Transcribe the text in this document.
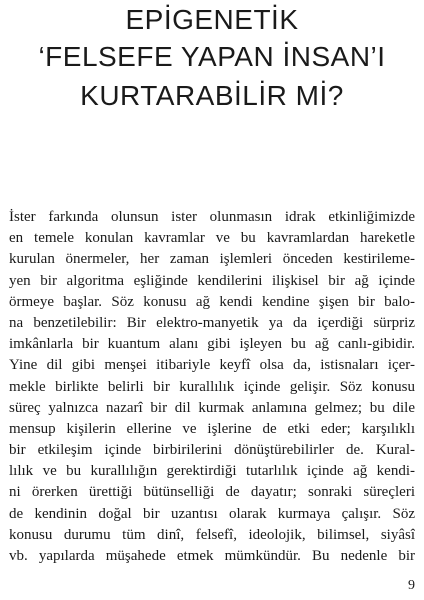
EPİGENETİK
‘FELSEFE YAPAN İNSAN’I
KURTARABİLİR Mİ?
İster farkında olunsun ister olunmasın idrak etkinliğimizde
en temele konulan kavramlar ve bu kavramlardan hareketle
kurulan önermeler, her zaman işlemleri önceden kestirileme-
yen bir algoritma eşliğinde kendilerini ilişkisel bir ağ içinde
örmeye başlar. Söz konusu ağ kendi kendine şişen bir balo-
na benzetilebilir: Bir elektro-manyetik ya da içerdiği sürpriz
imkânlarla bir kuantum alanı gibi işleyen bu ağ canlı-gibidir.
Yine dil gibi menşei itibariyle keyfî olsa da, istisnaları içer-
mekle birlikte belirli bir kurallılık içinde gelişir. Söz konusu
süreç yalnızca nazarî bir dil kurmak anlamına gelmez; bu dile
mensup kişilerin ellerine ve işlerine de etki eder; karşılıklı
bir etkileşim içinde birbirilerini dönüştürebilirler de. Kural-
lılık ve bu kurallılığın gerektirdiği tutarlılık içinde ağ kendi-
ni örerken ürettiği bütünselliği de dayatır; sonraki süreçleri
de kendinin doğal bir uzantısı olarak kurmaya çalışır. Söz
konusu durumu tüm dinî, felsefî, ideolojik, bilimsel, siyâsî
vb. yapılarda müşahede etmek mümkündür. Bu nedenle bir
9
